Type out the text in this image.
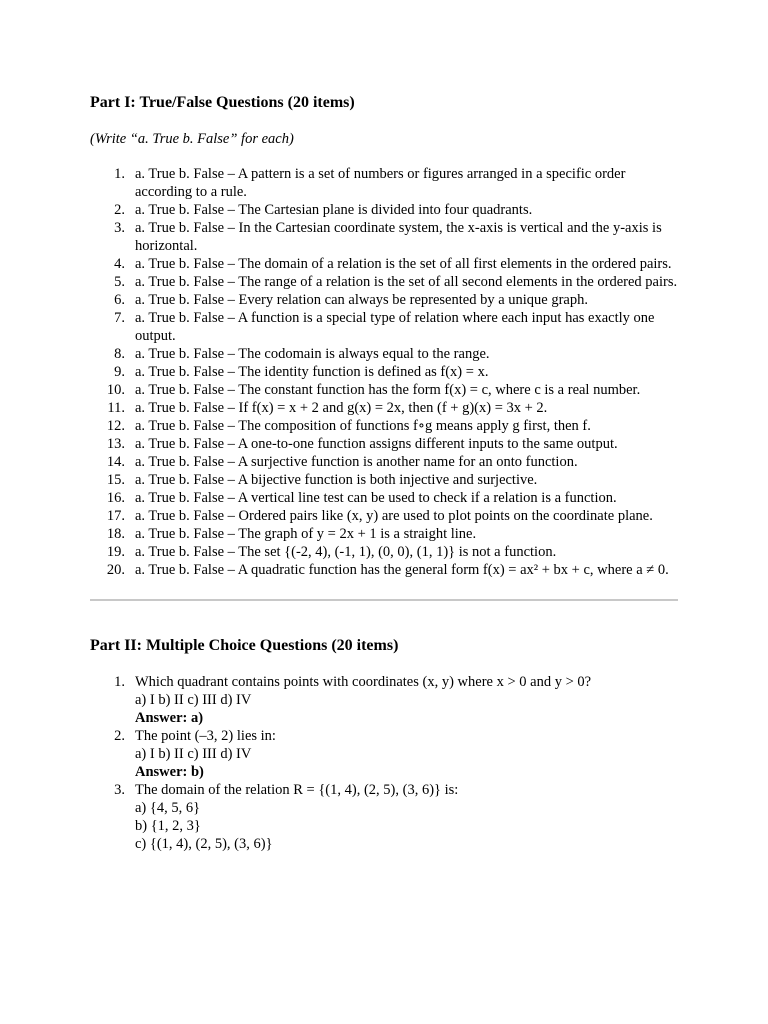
Part I: True/False Questions (20 items)

(Write “a. True b. False” for each)

1. a. True b. False – A pattern is a set of numbers or figures arranged in a specific order according to a rule.
2. a. True b. False – The Cartesian plane is divided into four quadrants.
3. a. True b. False – In the Cartesian coordinate system, the x-axis is vertical and the y-axis is horizontal.
4. a. True b. False – The domain of a relation is the set of all first elements in the ordered pairs.
5. a. True b. False – The range of a relation is the set of all second elements in the ordered pairs.
6. a. True b. False – Every relation can always be represented by a unique graph.
7. a. True b. False – A function is a special type of relation where each input has exactly one output.
8. a. True b. False – The codomain is always equal to the range.
9. a. True b. False – The identity function is defined as f(x) = x.
10. a. True b. False – The constant function has the form f(x) = c, where c is a real number.
11. a. True b. False – If f(x) = x + 2 and g(x) = 2x, then (f + g)(x) = 3x + 2.
12. a. True b. False – The composition of functions f∘g means apply g first, then f.
13. a. True b. False – A one-to-one function assigns different inputs to the same output.
14. a. True b. False – A surjective function is another name for an onto function.
15. a. True b. False – A bijective function is both injective and surjective.
16. a. True b. False – A vertical line test can be used to check if a relation is a function.
17. a. True b. False – Ordered pairs like (x, y) are used to plot points on the coordinate plane.
18. a. True b. False – The graph of y = 2x + 1 is a straight line.
19. a. True b. False – The set {(-2, 4), (-1, 1), (0, 0), (1, 1)} is not a function.
20. a. True b. False – A quadratic function has the general form f(x) = ax² + bx + c, where a ≠ 0.
Part II: Multiple Choice Questions (20 items)
1. Which quadrant contains points with coordinates (x, y) where x > 0 and y > 0?
a) I b) II c) III d) IV
Answer: a)
2. The point (–3, 2) lies in:
a) I b) II c) III d) IV
Answer: b)
3. The domain of the relation R = {(1, 4), (2, 5), (3, 6)} is:
a) {4, 5, 6}
b) {1, 2, 3}
c) {(1, 4), (2, 5), (3, 6)}
